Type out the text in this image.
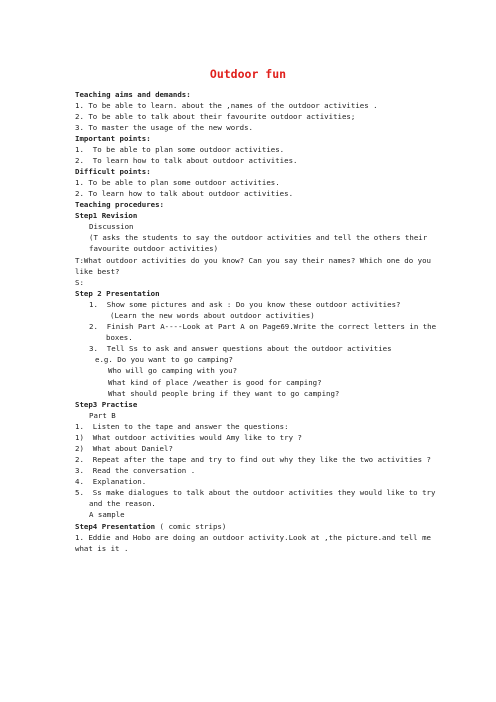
Outdoor fun
Teaching aims and demands:
1. To be able to learn. about the ,names of the outdoor activities .
2. To be able to talk about their favourite outdoor activities;
3. To master the usage of the new words.
Important points:
1.  To be able to plan some outdoor activities.
2.  To learn how to talk about outdoor activities.
Difficult points:
1. To be able to plan some outdoor activities.
2. To learn how to talk about outdoor activities.
Teaching procedures:
Step1 Revision
Discussion
(T asks the students to say the outdoor activities and tell the others their
favourite outdoor activities)
T:What outdoor activities do you know? Can you say their names? Which one do you
like best?
S:
Step 2 Presentation
1.  Show some pictures and ask : Do you know these outdoor activities?
(Learn the new words about outdoor activities)
2.  Finish Part A----Look at Part A on Page69.Write the correct letters in the
boxes.
3.  Tell Ss to ask and answer questions about the outdoor activities
e.g. Do you want to go camping?
Who will go camping with you?
What kind of place /weather is good for camping?
What should people bring if they want to go camping?
Step3 Practise
Part B
1.  Listen to the tape and answer the questions:
1)  What outdoor activities would Amy like to try ?
2)  What about Daniel?
2.  Repeat after the tape and try to find out why they like the two activities ?
3.  Read the conversation .
4.  Explanation.
5.  Ss make dialogues to talk about the outdoor activities they would like to try
and the reason.
A sample
Step4 Presentation ( comic strips)
1. Eddie and Hobo are doing an outdoor activity.Look at ,the picture.and tell me
what is it .
